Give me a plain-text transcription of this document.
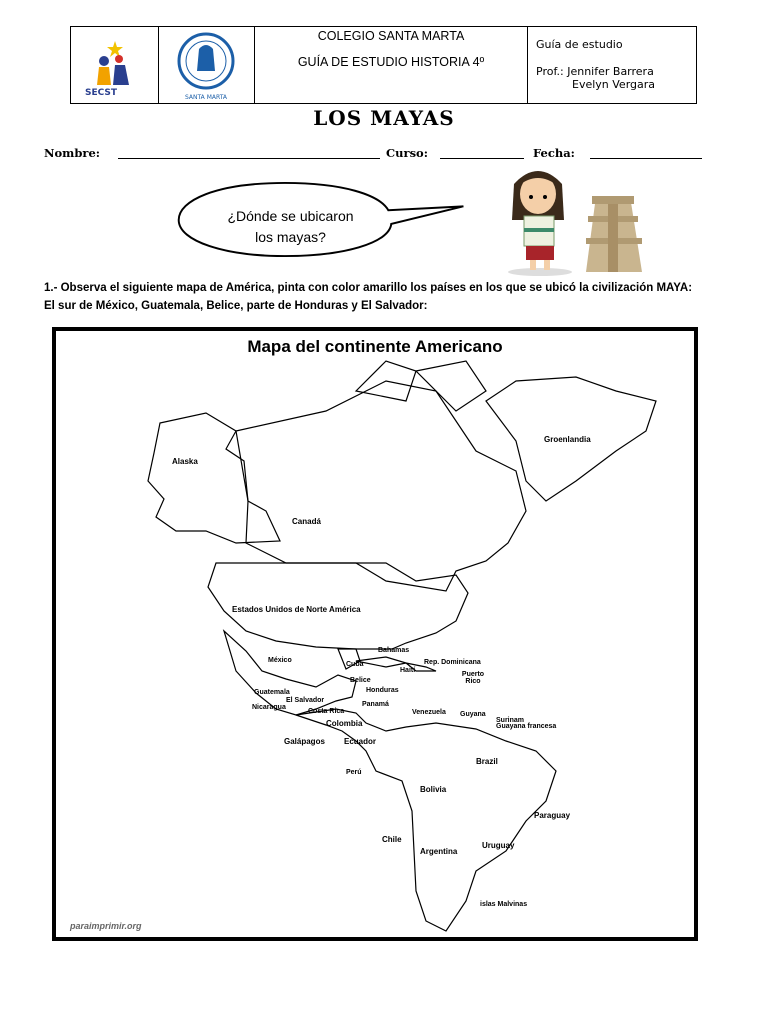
SECST	SANTA MARTA
COLEGIO SANTA MARTA
GUÍA DE ESTUDIO HISTORIA 4º
Guía de estudio
Prof.: Jennifer Barrera
Evelyn Vergara
LOS MAYAS
Nombre:	Curso:	Fecha:
¿Dónde se ubicaron
los mayas?
1.- Observa el siguiente mapa de América, pinta con color amarillo los países en los que se ubicó la civilización MAYA: El sur de México, Guatemala, Belice, parte de Honduras y El Salvador:
Mapa del continente Americano
Alaska
Groenlandia
Canadá
Estados Unidos de Norte América
Bahamas
México
Cuba
Haití
Rep. Dominicana
Puerto Rico
Belice
Honduras
Guatemala
El Salvador
Nicaragua	Panamá
Costa Rica	Venezuela Guyana
Surinam
Guayana francesa
Colombia
Galápagos Ecuador
Perú
Brazil
Bolivia
Paraguay
Chile
Uruguay
Argentina
islas Malvinas
paraimprimir.org
